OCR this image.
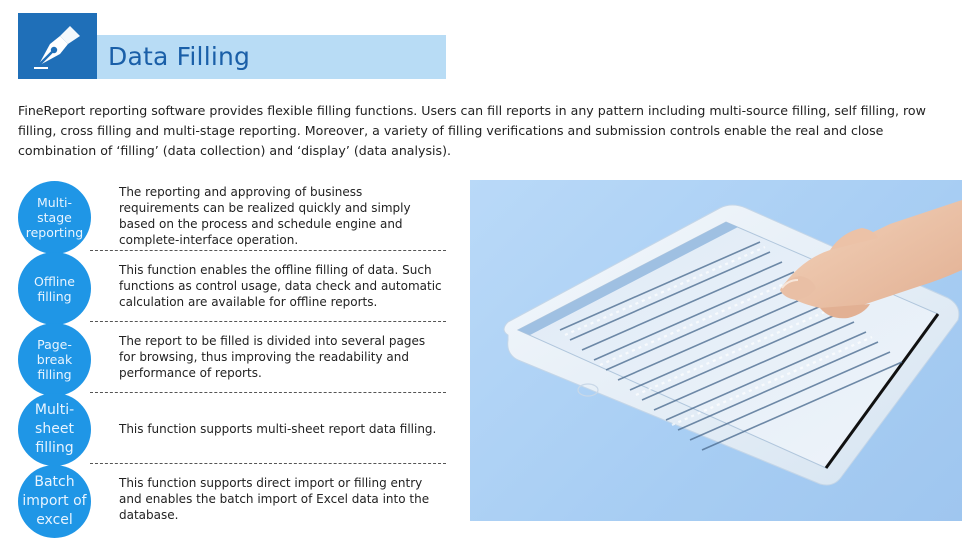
Data Filling

FineReport reporting software provides flexible filling functions. Users can fill reports in any pattern including multi-source filling, self filling, row filling, cross filling and multi-stage reporting. Moreover, a variety of filling verifications and submission controls enable the real and close combination of ‘filling’ (data collection) and ‘display’ (data analysis).

Multi-stage reporting
The reporting and approving of business requirements can be realized quickly and simply based on the process and schedule engine and complete-interface operation.
Offline filling
This function enables the offline filling of data. Such functions as control usage, data check and automatic calculation are available for offline reports.
Page-break filling
The report to be filled is divided into several pages for browsing, thus improving the readability and performance of reports.
Multi-sheet filling
This function supports multi-sheet report data filling.
Batch import of excel
This function supports direct import or filling entry and enables the batch import of Excel data into the database.
